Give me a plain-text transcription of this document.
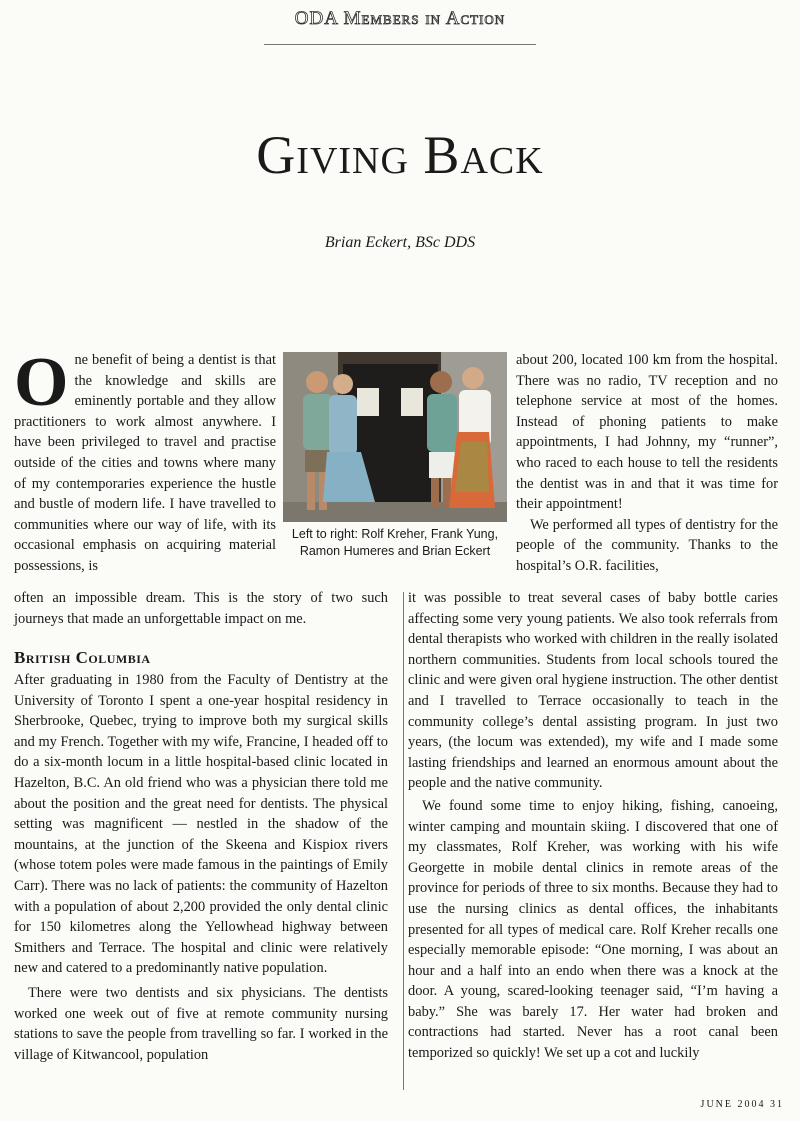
ODA Members in Action
Giving Back
Brian Eckert, BSc DDS

One benefit of being a dentist is that the knowledge and skills are eminently portable and they allow practitioners to work almost anywhere. I have been privileged to travel and practise outside of the cities and towns where many of my contemporaries experience the hustle and bustle of modern life. I have travelled to communities where our way of life, with its occasional emphasis on acquiring material possessions, is

often an impossible dream. This is the story of two such journeys that made an unforgettable impact on me.

Left to right: Rolf Kreher, Frank Yung, Ramon Humeres and Brian Eckert

about 200, located 100 km from the hospital. There was no radio, TV reception and no telephone service at most of the homes. Instead of phoning patients to make appointments, I had Johnny, my “runner”, who raced to each house to tell the residents the dentist was in and that it was time for their appointment!

We performed all types of dentistry for the people of the community. Thanks to the hospital’s O.R. facilities,

British Columbia

After graduating in 1980 from the Faculty of Dentistry at the University of Toronto I spent a one-year hospital residency in Sherbrooke, Quebec, trying to improve both my surgical skills and my French. Together with my wife, Francine, I headed off to do a six-month locum in a little hospital-based clinic located in Hazelton, B.C. An old friend who was a physician there told me about the position and the great need for dentists. The physical setting was magnificent — nestled in the shadow of the mountains, at the junction of the Skeena and Kispiox rivers (whose totem poles were made famous in the paintings of Emily Carr). There was no lack of patients: the community of Hazelton with a population of about 2,200 provided the only dental clinic for 150 kilometres along the Yellowhead highway between Smithers and Terrace. The hospital and clinic were relatively new and catered to a predominantly native population.

There were two dentists and six physicians. The dentists worked one week out of five at remote community nursing stations to save the people from travelling so far. I worked in the village of Kitwancool, population

it was possible to treat several cases of baby bottle caries affecting some very young patients. We also took referrals from dental therapists who worked with children in the really isolated northern communities. Students from local schools toured the clinic and were given oral hygiene instruction. The other dentist and I travelled to Terrace occasionally to teach in the community college’s dental assisting program. In just two years, (the locum was extended), my wife and I made some lasting friendships and learned an enormous amount about the people and the native community.

We found some time to enjoy hiking, fishing, canoeing, winter camping and mountain skiing. I discovered that one of my classmates, Rolf Kreher, was working with his wife Georgette in mobile dental clinics in remote areas of the province for periods of three to six months. Because they had to use the nursing clinics as dental offices, the inhabitants presented for all types of medical care. Rolf Kreher recalls one especially memorable episode: “One morning, I was about an hour and a half into an endo when there was a knock at the door. A young, scared-looking teenager said, “I’m having a baby.” She was barely 17. Her water had broken and contractions had started. Never has a root canal been temporized so quickly! We set up a cot and luckily

JUNE 2004 31
